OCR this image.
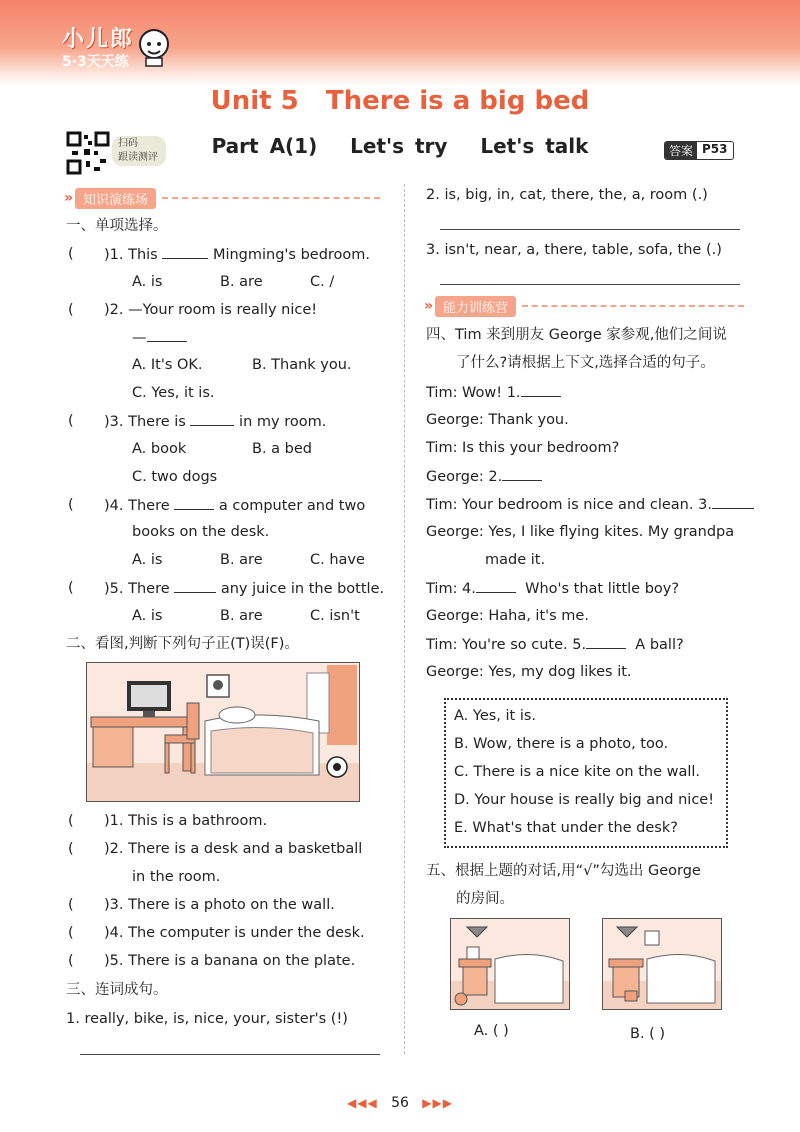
小儿郎
5·3天天练
Unit 5   There is a big bed
Part A(1)   Let's try   Let's talk
扫码
跟读测评	答案 P53
» 知识演练场
一、单项选择。
( )1. This	Mingming's bedroom.
A. is	B. are	C. /
( )2. —Your room is really nice!
—
A. It's OK.	B. Thank you.
C. Yes, it is.
( )3. There is	in my room.
A. book	B. a bed
C. two dogs
( )4. There	a computer and two
books on the desk.
A. is	B. are	C. have
( )5. There	any juice in the bottle.
A. is	B. are	C. isn't
二、看图,判断下列句子正(T)误(F)。
( )1. This is a bathroom.
( )2. There is a desk and a basketball
in the room.
( )3. There is a photo on the wall.
( )4. The computer is under the desk.
( )5. There is a banana on the plate.
三、连词成句。
1. really, bike, is, nice, your, sister's (!)
2. is, big, in, cat, there, the, a, room (.)
3. isn't, near, a, there, table, sofa, the (.)
» 能力训练营
四、Tim 来到朋友 George 家参观,他们之间说
了什么?请根据上下文,选择合适的句子。
Tim: Wow! 1.
George: Thank you.
Tim: Is this your bedroom?
George: 2.
Tim: Your bedroom is nice and clean. 3.
George: Yes, I like flying kites. My grandpa
made it.
Tim: 4.	Who's that little boy?
George: Haha, it's me.
Tim: You're so cute. 5.	A ball?
George: Yes, my dog likes it.
A. Yes, it is.
B. Wow, there is a photo, too.
C. There is a nice kite on the wall.
D. Your house is really big and nice!
E. What's that under the desk?
五、根据上题的对话,用“√”勾选出 George
的房间。
A. ( )	B. ( )
◀◀◀ 56 ▶▶▶
